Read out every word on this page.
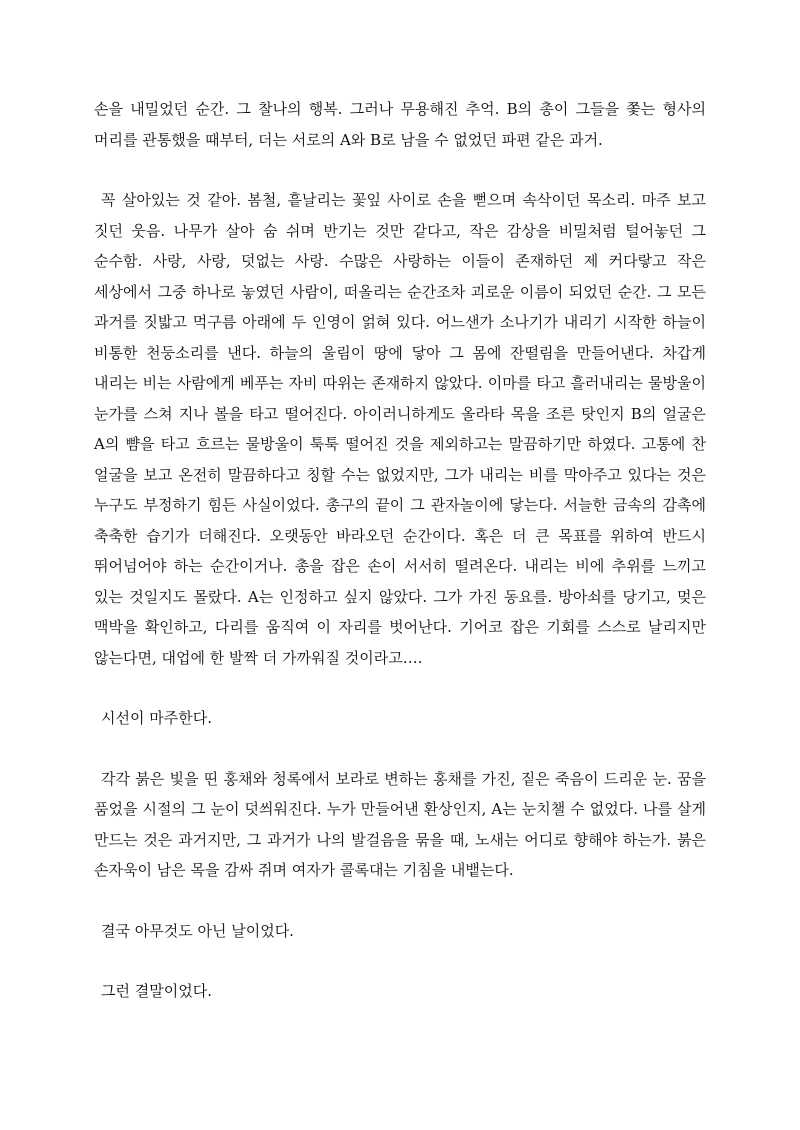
손을 내밀었던 순간. 그 찰나의 행복. 그러나 무용해진 추억. B의 총이 그들을 쫓는 형사의 머리를 관통했을 때부터, 더는 서로의 A와 B로 남을 수 없었던 파편 같은 과거.

꼭 살아있는 것 같아. 봄철, 흩날리는 꽃잎 사이로 손을 뻗으며 속삭이던 목소리. 마주 보고 짓던 웃음. 나무가 살아 숨 쉬며 반기는 것만 같다고, 작은 감상을 비밀처럼 털어놓던 그 순수함. 사랑, 사랑, 덧없는 사랑. 수많은 사랑하는 이들이 존재하던 제 커다랗고 작은 세상에서 그중 하나로 놓였던 사람이, 떠올리는 순간조차 괴로운 이름이 되었던 순간. 그 모든 과거를 짓밟고 먹구름 아래에 두 인영이 얽혀 있다. 어느샌가 소나기가 내리기 시작한 하늘이 비통한 천둥소리를 낸다. 하늘의 울림이 땅에 닿아 그 몸에 잔떨림을 만들어낸다. 차갑게 내리는 비는 사람에게 베푸는 자비 따위는 존재하지 않았다. 이마를 타고 흘러내리는 물방울이 눈가를 스쳐 지나 볼을 타고 떨어진다. 아이러니하게도 올라타 목을 조른 탓인지 B의 얼굴은 A의 뺨을 타고 흐르는 물방울이 툭툭 떨어진 것을 제외하고는 말끔하기만 하였다. 고통에 찬 얼굴을 보고 온전히 말끔하다고 칭할 수는 없었지만, 그가 내리는 비를 막아주고 있다는 것은 누구도 부정하기 힘든 사실이었다. 총구의 끝이 그 관자놀이에 닿는다. 서늘한 금속의 감촉에 축축한 습기가 더해진다. 오랫동안 바라오던 순간이다. 혹은 더 큰 목표를 위하여 반드시 뛰어넘어야 하는 순간이거나. 총을 잡은 손이 서서히 떨려온다. 내리는 비에 추위를 느끼고 있는 것일지도 몰랐다. A는 인정하고 싶지 않았다. 그가 가진 동요를. 방아쇠를 당기고, 멎은 맥박을 확인하고, 다리를 움직여 이 자리를 벗어난다. 기어코 잡은 기회를 스스로 날리지만 않는다면, 대업에 한 발짝 더 가까워질 것이라고….

시선이 마주한다.

각각 붉은 빛을 띤 홍채와 청록에서 보라로 변하는 홍채를 가진, 짙은 죽음이 드리운 눈. 꿈을 품었을 시절의 그 눈이 덧씌워진다. 누가 만들어낸 환상인지, A는 눈치챌 수 없었다. 나를 살게 만드는 것은 과거지만, 그 과거가 나의 발걸음을 묶을 때, 노새는 어디로 향해야 하는가. 붉은 손자욱이 남은 목을 감싸 쥐며 여자가 콜록대는 기침을 내뱉는다.

결국 아무것도 아닌 날이었다.

그런 결말이었다.
